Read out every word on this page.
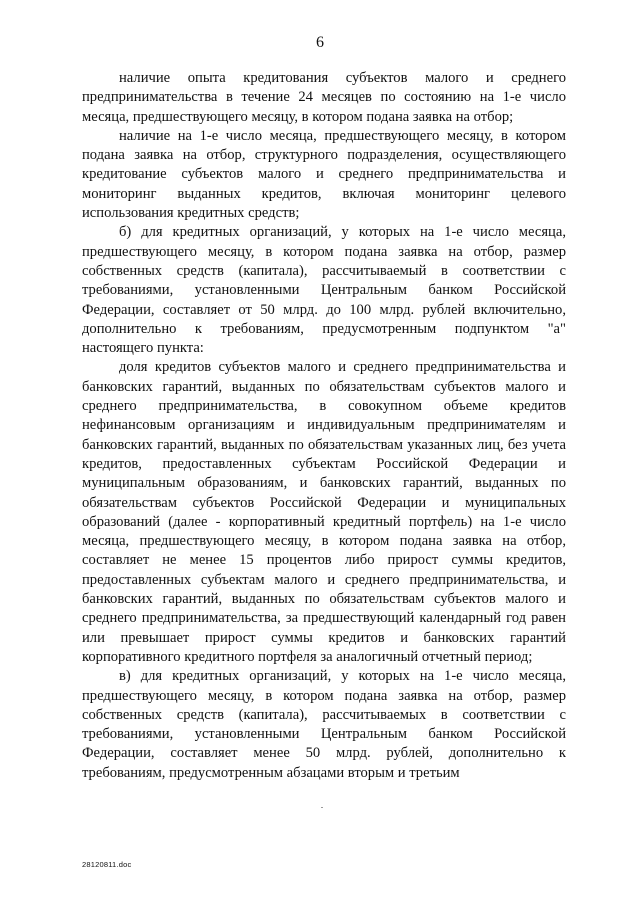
6

наличие опыта кредитования субъектов малого и среднего предпринимательства в течение 24 месяцев по состоянию на 1-е число месяца, предшествующего месяцу, в котором подана заявка на отбор;

наличие на 1-е число месяца, предшествующего месяцу, в котором подана заявка на отбор, структурного подразделения, осуществляющего кредитование субъектов малого и среднего предпринимательства и мониторинг выданных кредитов, включая мониторинг целевого использования кредитных средств;

б) для кредитных организаций, у которых на 1-е число месяца, предшествующего месяцу, в котором подана заявка на отбор, размер собственных средств (капитала), рассчитываемый в соответствии с требованиями, установленными Центральным банком Российской Федерации, составляет от 50 млрд. до 100 млрд. рублей включительно, дополнительно к требованиям, предусмотренным подпунктом "а" настоящего пункта:

доля кредитов субъектов малого и среднего предпринимательства и банковских гарантий, выданных по обязательствам субъектов малого и среднего предпринимательства, в совокупном объеме кредитов нефинансовым организациям и индивидуальным предпринимателям и банковских гарантий, выданных по обязательствам указанных лиц, без учета кредитов, предоставленных субъектам Российской Федерации и муниципальным образованиям, и банковских гарантий, выданных по обязательствам субъектов Российской Федерации и муниципальных образований (далее - корпоративный кредитный портфель) на 1-е число месяца, предшествующего месяцу, в котором подана заявка на отбор, составляет не менее 15 процентов либо прирост суммы кредитов, предоставленных субъектам малого и среднего предпринимательства, и банковских гарантий, выданных по обязательствам субъектов малого и среднего предпринимательства, за предшествующий календарный год равен или превышает прирост суммы кредитов и банковских гарантий корпоративного кредитного портфеля за аналогичный отчетный период;

в) для кредитных организаций, у которых на 1-е число месяца, предшествующего месяцу, в котором подана заявка на отбор, размер собственных средств (капитала), рассчитываемых в соответствии с требованиями, установленными Центральным банком Российской Федерации, составляет менее 50 млрд. рублей, дополнительно к требованиям, предусмотренным абзацами вторым и третьим

28120811.doc
